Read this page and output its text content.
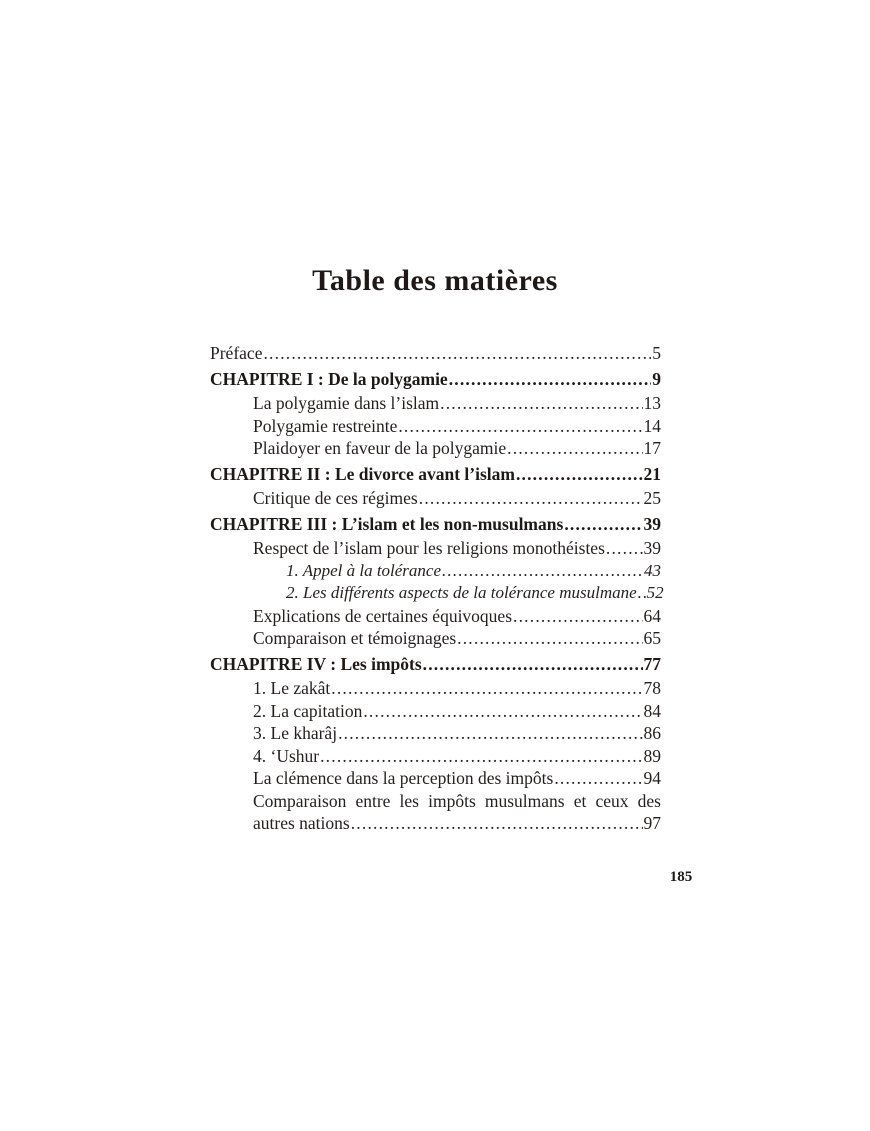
Table des matières
Préface .....	5
CHAPITRE I : De la polygamie .....	9
La polygamie dans l’islam .....	13
Polygamie restreinte .....	14
Plaidoyer en faveur de la polygamie .....	17
CHAPITRE II : Le divorce avant l’islam .....	21
Critique de ces régimes .....	25
CHAPITRE III : L’islam et les non-musulmans .....	39
Respect de l’islam pour les religions monothéistes ..... 39
1. Appel à la tolérance .....	43
2. Les différents aspects de la tolérance musulmane ..... 52
Explications de certaines équivoques .....	64
Comparaison et témoignages .....	65
CHAPITRE IV : Les impôts .....	77
1. Le zakât .....	78
2. La capitation .....	84
3. Le kharâj .....	86
4. ‘Ushur .....	89
La clémence dans la perception des impôts .....	94
Comparaison entre les impôts musulmans et ceux des
autres nations .....	97
185
